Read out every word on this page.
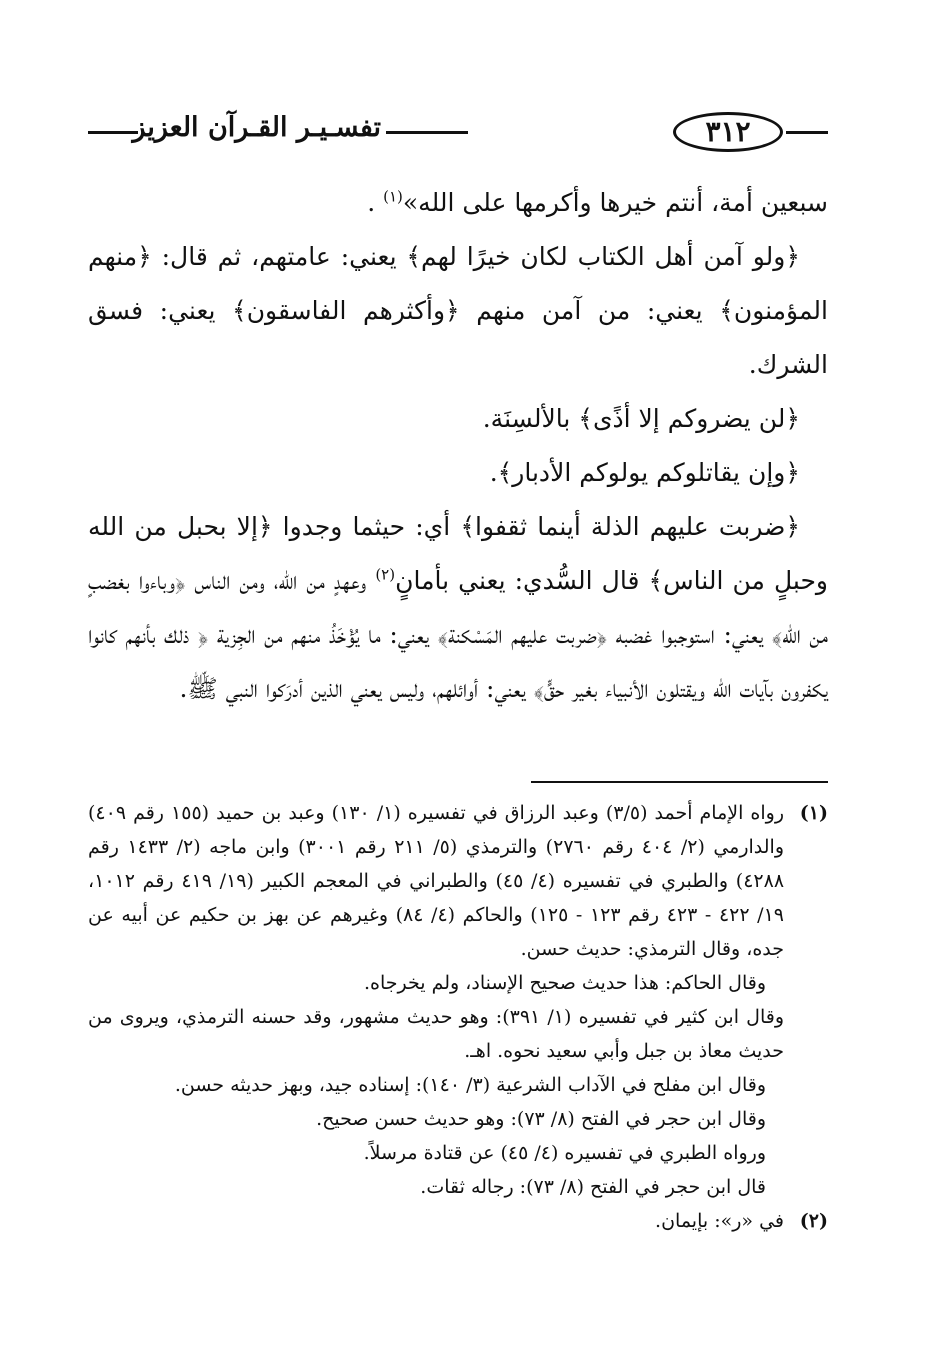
تفسـيـر القـرآن العزيز	٣١٢

سبعين أمة، أنتم خيرها وأكرمها على الله»$^{(١)}$ .

﴿ولو آمن أهل الكتاب لكان خيرًا لهم﴾ يعني: عامتهم، ثم قال: ﴿منهم المؤمنون﴾ يعني: من آمن منهم ﴿وأكثرهم الفاسقون﴾ يعني: فسق الشرك.

﴿لن يضروكم إلا أذًى﴾ بالألسِنَة.

﴿وإن يقاتلوكم يولوكم الأدبار﴾.

﴿ضربت عليهم الذلة أينما ثقفوا﴾ أي: حيثما وجدوا ﴿إلا بحبل من الله وحبلٍ من الناس﴾ قال السُّدي: يعني بأمانٍ$^{(٢)}$ وعهدٍ من الله، ومن الناس ﴿وباءوا بغضبٍ من الله﴾ يعني: استوجبوا غضبه ﴿ضربت عليهم المَسْكنة﴾ يعني: ما يُؤْخَذُ منهم من الجِزية ﴿ ذلك بأنهم كانوا يكفرون بآيات الله ويقتلون الأنبياء بغير حقٍّ﴾ يعني: أوائلهم، وليس يعني الذين أدرَكوا النبي ﷺ.

(١)

رواه الإمام أحمد (٣/٥) وعبد الرزاق في تفسيره (١/ ١٣٠) وعبد بن حميد (١٥٥ رقم ٤٠٩) والدارمي (٢/ ٤٠٤ رقم ٢٧٦٠) والترمذي (٥/ ٢١١ رقم ٣٠٠١) وابن ماجه (٢/ ١٤٣٣ رقم ٤٢٨٨) والطبري في تفسيره (٤/ ٤٥) والطبراني في المعجم الكبير (١٩/ ٤١٩ رقم ١٠١٢، ١٩/ ٤٢٢ - ٤٢٣ رقم ١٢٣ - ١٢٥) والحاكم (٤/ ٨٤) وغيرهم عن بهز بن حكيم عن أبيه عن جده، وقال الترمذي: حديث حسن.

وقال الحاكم: هذا حديث صحيح الإسناد، ولم يخرجاه.

وقال ابن كثير في تفسيره (١/ ٣٩١): وهو حديث مشهور، وقد حسنه الترمذي، ويروى من حديث معاذ بن جبل وأبي سعيد نحوه. اهـ.

وقال ابن مفلح في الآداب الشرعية (٣/ ١٤٠): إسناده جيد، وبهز حديثه حسن.

وقال ابن حجر في الفتح (٨/ ٧٣): وهو حديث حسن صحيح.

ورواه الطبري في تفسيره (٤/ ٤٥) عن قتادة مرسلاً.

قال ابن حجر في الفتح (٨/ ٧٣): رجاله ثقات.

(٢)

في «ر»: بإيمان.
